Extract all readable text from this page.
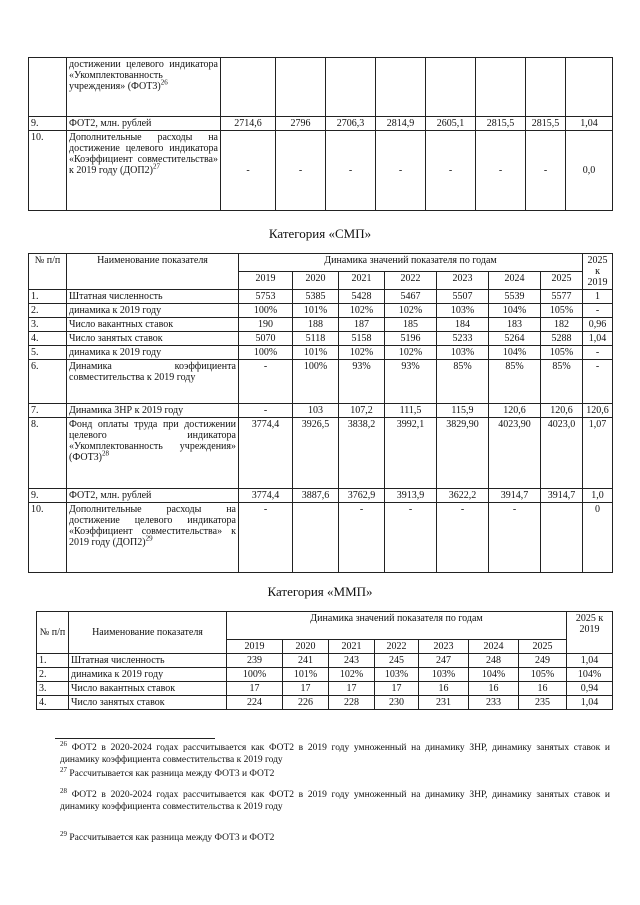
	достижении целевого индикатора «Укомплектованность учреждения» $(ФОТ3)^{26}$								
9.	ФОТ2, млн. рублей	2714,6	2796	2706,3	2814,9	2605,1	2815,5	2815,5	1,04
10.	Дополнительные расходы на достижение целевого индикатора «Коэффициент совместительства» к 2019 году $(ДОП2)^{27}$	-	-	-	-	-	-	-	0,0
Категория «СМП»
№ п/п	Наименование показателя	Динамика значений показателя по годам							2025 к 2019
		2019	2020	2021	2022	2023	2024	2025	
1.	Штатная численность	5753	5385	5428	5467	5507	5539	5577	1
2.	динамика к 2019 году	100%	101%	102%	102%	103%	104%	105%	-
3.	Число вакантных ставок	190	188	187	185	184	183	182	0,96
4.	Число занятых ставок	5070	5118	5158	5196	5233	5264	5288	1,04
5.	динамика к 2019 году	100%	101%	102%	102%	103%	104%	105%	-
6.	Динамика коэффициента совместительства к 2019 году	-	100%	93%	93%	85%	85%	85%	-
7.	Динамика ЗНР к 2019 году	-	103	107,2	111,5	115,9	120,6	120,6	120,6
8.	Фонд оплаты труда при достижении целевого индикатора «Укомплектованность учреждения» $(ФОТ3)^{28}$	3774,4	3926,5	3838,2	3992,1	3829,90	4023,90	4023,0	1,07
9.	ФОТ2, млн. рублей	3774,4	3887,6	3762,9	3913,9	3622,2	3914,7	3914,7	1,0
10.	Дополнительные расходы на достижение целевого индикатора «Коэффициент совместительства» к 2019 году $(ДОП2)^{29}$	-		-	-	-	-		0
Категория «ММП»
№ п/п	Наименование показателя	Динамика значений показателя по годам							2025 к 2019
		2019	2020	2021	2022	2023	2024	2025	
1.	Штатная численность	239	241	243	245	247	248	249	1,04
2.	динамика к 2019 году	100%	101%	102%	103%	103%	104%	105%	104%
3.	Число вакантных ставок	17	17	17	17	16	16	16	0,94
4.	Число занятых ставок	224	226	228	230	231	233	235	1,04
$^{26}$ ФОТ2 в 2020-2024 годах рассчитывается как ФОТ2 в 2019 году умноженный на динамику ЗНР, динамику занятых ставок и динамику коэффициента совместительства к 2019 году
$^{27}$ Рассчитывается как разница между ФОТ3 и ФОТ2
$^{28}$ ФОТ2 в 2020-2024 годах рассчитывается как ФОТ2 в 2019 году умноженный на динамику ЗНР, динамику занятых ставок и динамику коэффициента совместительства к 2019 году
$^{29}$ Рассчитывается как разница между ФОТ3 и ФОТ2
